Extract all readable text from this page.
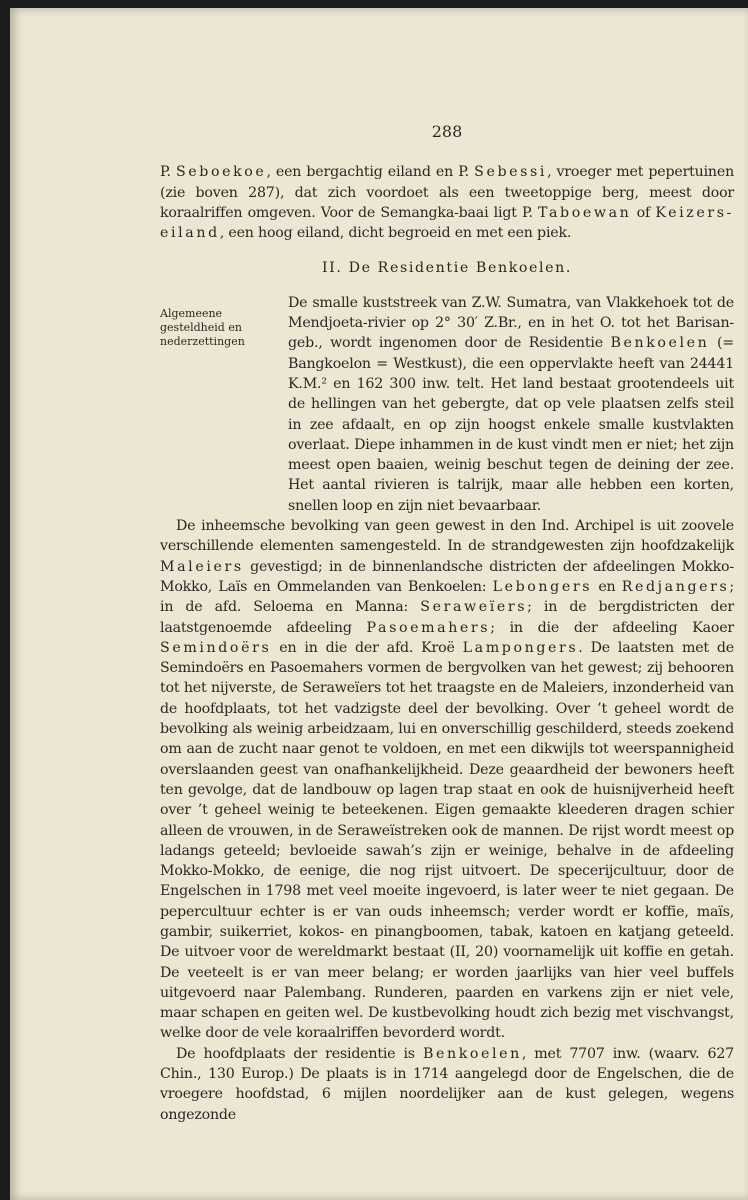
288

P. Seboekoe, een bergachtig eiland en P. Sebessi, vroeger met pepertuinen (zie boven 287), dat zich voordoet als een tweetoppige berg, meest door koraalriffen omgeven. Voor de Semangka-baai ligt P. Taboewan of Keizers-eiland, een hoog eiland, dicht begroeid en met een piek.

II. De Residentie Benkoelen.
Algemeene gesteldheid en nederzettingen

De smalle kuststreek van Z.W. Sumatra, van Vlakkehoek tot de Mendjoeta-rivier op 2° 30′ Z.Br., en in het O. tot het Barisan-geb., wordt ingenomen door de Residentie Benkoelen (= Bangkoelon = Westkust), die een oppervlakte heeft van 24441 K.M.² en 162 300 inw. telt. Het land bestaat grootendeels uit de hellingen van het gebergte, dat op vele plaatsen zelfs steil in zee afdaalt, en op zijn hoogst enkele smalle kustvlakten overlaat. Diepe inhammen in de kust vindt men er niet; het zijn meest open baaien, weinig beschut tegen de deining der zee. Het aantal rivieren is talrijk, maar alle hebben een korten, snellen loop en zijn niet bevaarbaar.

De inheemsche bevolking van geen gewest in den Ind. Archipel is uit zoovele verschillende elementen samengesteld. In de strandgewesten zijn hoofdzakelijk Maleiers gevestigd; in de binnenlandsche districten der afdeelingen Mokko-Mokko, Laïs en Ommelanden van Benkoelen: Lebongers en Redjangers; in de afd. Seloema en Manna: Seraweïers; in de bergdistricten der laatstgenoemde afdeeling Pasoemahers; in die der afdeeling Kaoer Semindoërs en in die der afd. Kroë Lampongers. De laatsten met de Semindoërs en Pasoemahers vormen de bergvolken van het gewest; zij behooren tot het nijverste, de Seraweïers tot het traagste en de Maleiers, inzonderheid van de hoofdplaats, tot het vadzigste deel der bevolking. Over ’t geheel wordt de bevolking als weinig arbeidzaam, lui en onverschillig geschilderd, steeds zoekend om aan de zucht naar genot te voldoen, en met een dikwijls tot weerspannigheid overslaanden geest van onafhankelijkheid. Deze geaardheid der bewoners heeft ten gevolge, dat de landbouw op lagen trap staat en ook de huisnijverheid heeft over ’t geheel weinig te beteekenen. Eigen gemaakte kleederen dragen schier alleen de vrouwen, in de Seraweïstreken ook de mannen. De rijst wordt meest op ladangs geteeld; bevloeide sawah’s zijn er weinige, behalve in de afdeeling Mokko-Mokko, de eenige, die nog rijst uitvoert. De specerijcultuur, door de Engelschen in 1798 met veel moeite ingevoerd, is later weer te niet gegaan. De pepercultuur echter is er van ouds inheemsch; verder wordt er koffie, maïs, gambir, suikerriet, kokos- en pinangboomen, tabak, katoen en katjang geteeld. De uitvoer voor de wereldmarkt bestaat (II, 20) voornamelijk uit koffie en getah. De veeteelt is er van meer belang; er worden jaarlijks van hier veel buffels uitgevoerd naar Palembang. Runderen, paarden en varkens zijn er niet vele, maar schapen en geiten wel. De kustbevolking houdt zich bezig met vischvangst, welke door de vele koraalriffen bevorderd wordt.

De hoofdplaats der residentie is Benkoelen, met 7707 inw. (waarv. 627 Chin., 130 Europ.) De plaats is in 1714 aangelegd door de Engelschen, die de vroegere hoofdstad, 6 mijlen noordelijker aan de kust gelegen, wegens ongezonde
